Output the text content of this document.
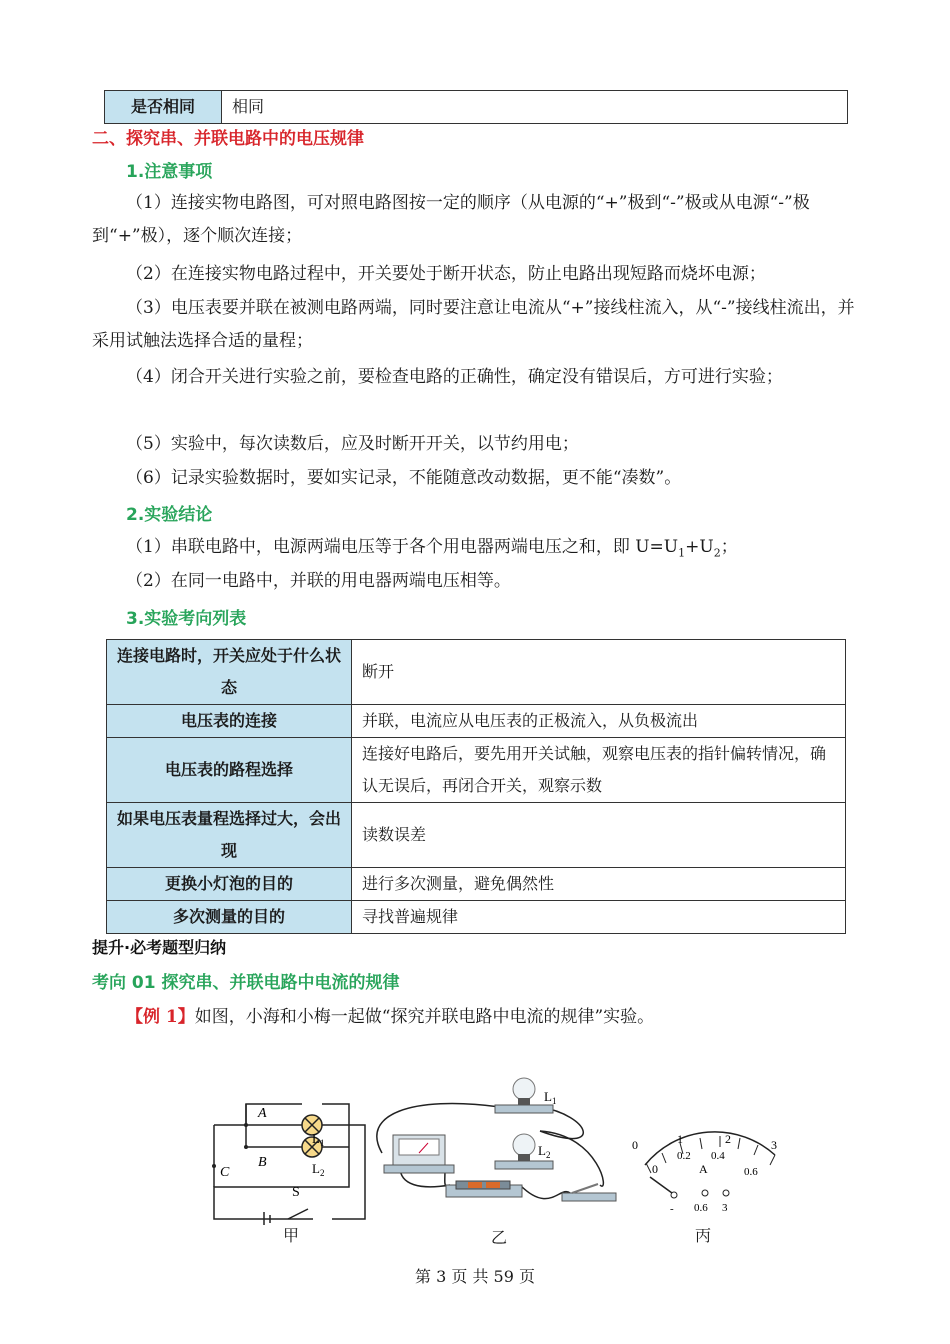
是否相同	相同
二、探究串、并联电路中的电压规律
1.注意事项
（1）连接实物电路图，可对照电路图按一定的顺序（从电源的“+”极到“-”极或从电源“-”极到“+”极），逐个顺次连接；
（2）在连接实物电路过程中，开关要处于断开状态，防止电路出现短路而烧坏电源；
（3）电压表要并联在被测电路两端，同时要注意让电流从“+”接线柱流入，从“-”接线柱流出，并采用试触法选择合适的量程；
（4）闭合开关进行实验之前，要检查电路的正确性，确定没有错误后，方可进行实验；
（5）实验中，每次读数后，应及时断开开关，以节约用电；
（6）记录实验数据时，要如实记录，不能随意改动数据，更不能“凑数”。
2.实验结论
（1）串联电路中，电源两端电压等于各个用电器两端电压之和，即 $U=U_1+U_2$；
（2）在同一电路中，并联的用电器两端电压相等。
3.实验考向列表
连接电路时，开关应处于什么状态	断开
电压表的连接	并联，电流应从电压表的正极流入，从负极流出
电压表的路程选择	连接好电路后，要先用开关试触，观察电压表的指针偏转情况，确认无误后，再闭合开关，观察示数
如果电压表量程选择过大，会出现	读数误差
更换小灯泡的目的	进行多次测量，避免偶然性
多次测量的目的	寻找普遍规律
提升·必考题型归纳
考向 01 探究串、并联电路中电流的规律
【例 1】如图，小海和小梅一起做“探究并联电路中电流的规律”实验。
A
B
C
S
$L_1$
$L_2$
$L_1$
$L_2$
0	1	2	3
0
0.2 0.4
0.6
A
- 0.6 3
甲	乙	丙
第 3 页 共 59 页
